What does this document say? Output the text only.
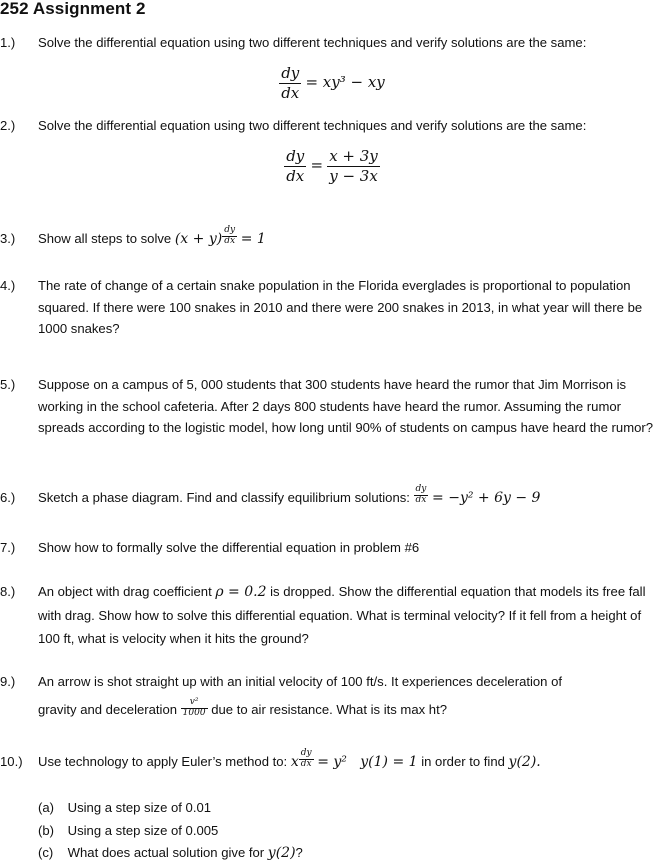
252 Assignment 2
1.)	Solve the differential equation using two different techniques and verify solutions are the same:
$\frac{dy}{dx} = xy^3$ − xy
2.)	Solve the differential equation using two different techniques and verify solutions are the same:
$\frac{dy}{dx} = \frac{x + 3y}{y - 3x}$
3.)	Show all steps to solve $(x + y) \frac{dy}{dx} = 1$
4.)	The rate of change of a certain snake population in the Florida everglades is proportional to population squared. If there were 100 snakes in 2010 and there were 200 snakes in 2013, in what year will there be 1000 snakes?
5.)	Suppose on a campus of 5, 000 students that 300 students have heard the rumor that Jim Morrison is working in the school cafeteria. After 2 days 800 students have heard the rumor. Assuming the rumor spreads according to the logistic model, how long until 90% of students on campus have heard the rumor?
6.)	Sketch a phase diagram. Find and classify equilibrium solutions: $\frac{dy}{dx} = -y^2 + 6y - 9$
7.)	Show how to formally solve the differential equation in problem #6
8.)	An object with drag coefficient ρ = 0.2 is dropped. Show the differential equation that models its free fall with drag. Show how to solve this differential equation. What is terminal velocity? If it fell from a height of 100 ft, what is velocity when it hits the ground?
9.)	An arrow is shot straight up with an initial velocity of 100 ft/s. It experiences deceleration of
gravity and deceleration $\frac{\text{v²}}{1000}$ due to air resistance. What is its max ht?
10.)	Use technology to apply Euler’s method to: x $\frac{dy}{dx} = y^2$   y(1) = 1 in order to find y(2).
(a) Using a step size of 0.01
(b) Using a step size of 0.005
(c) What does actual solution give for y(2)?
